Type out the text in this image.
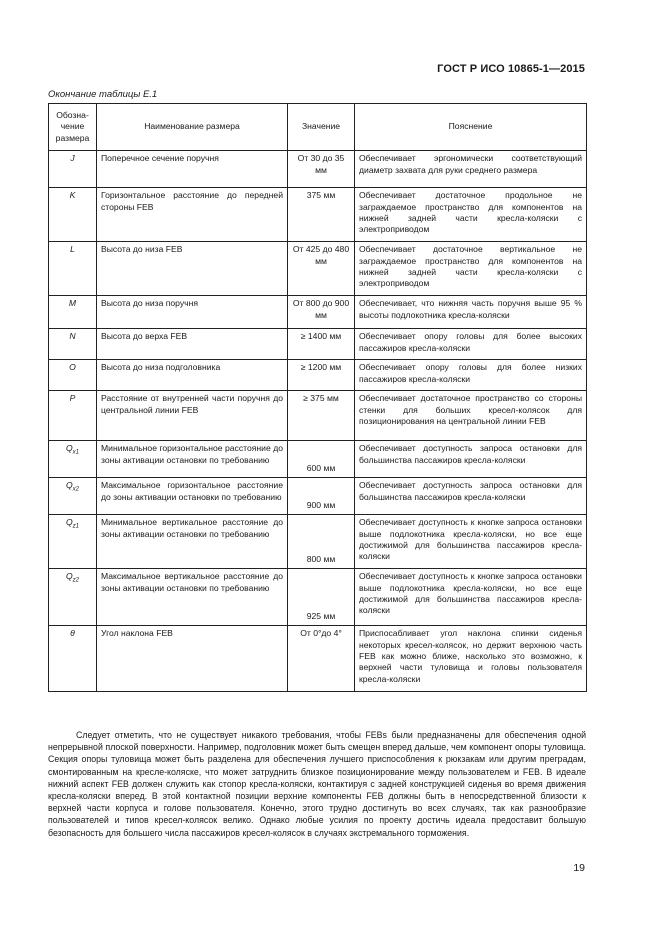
ГОСТ Р ИСО 10865-1—2015
Окончание таблицы Е.1
Обозна-чение размера	Наименование размера	Значение	Пояснение
J	Поперечное сечение поручня	От 30 до 35 мм	Обеспечивает эргономически соответствующий диаметр захвата для руки среднего размера
K	Горизонтальное расстояние до передней стороны FEB	375 мм	Обеспечивает достаточное продольное не заграждаемое пространство для компонентов на нижней задней части кресла-коляски с электроприводом
L	Высота до низа FEB	От 425 до 480 мм	Обеспечивает достаточное вертикальное не заграждаемое пространство для компонентов на нижней задней части кресла-коляски с электроприводом
M	Высота до низа поручня	От 800 до 900 мм	Обеспечивает, что нижняя часть поручня выше 95 % высоты подлокотника кресла-коляски
N	Высота до верха FEB	≥ 1400 мм	Обеспечивает опору головы для более высоких пассажиров кресла-коляски
O	Высота до низа подголовника	≥ 1200 мм	Обеспечивает опору головы для более низких пассажиров кресла-коляски
P	Расстояние от внутренней части поручня до центральной линии FEB	≥ 375 мм	Обеспечивает достаточное пространство со стороны стенки для больших кресел-колясок для позиционирования на центральной линии FEB
$Q_{x1}$	Минимальное горизонтальное расстояние до зоны активации остановки по требованию	600 мм	Обеспечивает доступность запроса остановки для большинства пассажиров кресла-коляски
$Q_{x2}$	Максимальное горизонтальное расстояние до зоны активации остановки по требованию	900 мм	Обеспечивает доступность запроса остановки для большинства пассажиров кресла-коляски
$Q_{z1}$	Минимальное вертикальное расстояние до зоны активации остановки по требованию	800 мм	Обеспечивает доступность к кнопке запроса остановки выше подлокотника кресла-коляски, но все еще достижимой для большинства пассажиров кресла-коляски
$Q_{z2}$	Максимальное вертикальное расстояние до зоны активации остановки по требованию	925 мм	Обеспечивает доступность к кнопке запроса остановки выше подлокотника кресла-коляски, но все еще достижимой для большинства пассажиров кресла-коляски
θ	Угол наклона FEB	От 0°до 4°	Приспосабливает угол наклона спинки сиденья некоторых кресел-колясок, но держит верхнюю часть FEB как можно ближе, насколько это возможно, к верхней части туловища и головы пользователя кресла-коляски

Следует отметить, что не существует никакого требования, чтобы FEBs были предназначены для обеспечения одной непрерывной плоской поверхности. Например, подголовник может быть смещен вперед дальше, чем компонент опоры туловища. Секция опоры туловища может быть разделена для обеспечения лучшего приспособления к рюкзакам или другим преградам, смонтированным на кресле-коляске, что может затруднить близкое позиционирование между пользователем и FEB. В идеале нижний аспект FEB должен служить как стопор кресла-коляски, контактируя с задней конструкцией сиденья во время движения кресла-коляски вперед. В этой контактной позиции верхние компоненты FEB должны быть в непосредственной близости к верхней части корпуса и голове пользователя. Конечно, этого трудно достигнуть во всех случаях, так как разнообразие пользователей и типов кресел-колясок велико. Однако любые усилия по проекту достичь идеала предоставит большую безопасность для большего числа пассажиров кресел-колясок в случаях экстремального торможения.

19
